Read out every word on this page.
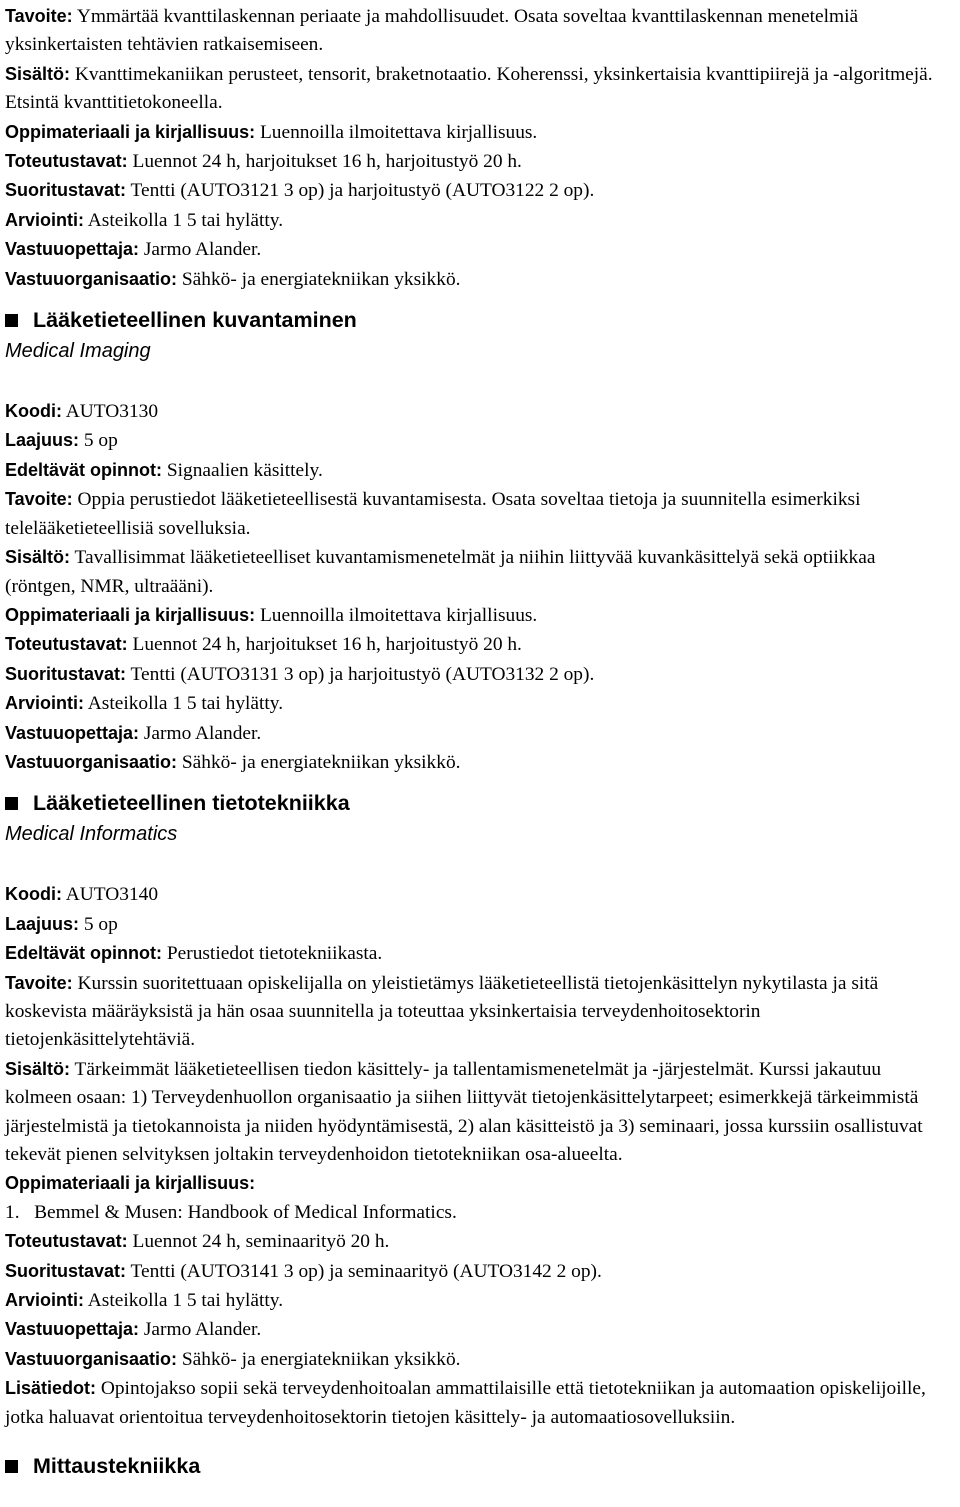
Tavoite: Ymmärtää kvanttilaskennan periaate ja mahdollisuudet. Osata soveltaa kvanttilaskennan menetelmiä yksinkertaisten tehtävien ratkaisemiseen.

Sisältö: Kvanttimekaniikan perusteet, tensorit, braketnotaatio. Koherenssi, yksinkertaisia kvanttipiirejä ja -algoritmejä. Etsintä kvanttitietokoneella.

Oppimateriaali ja kirjallisuus: Luennoilla ilmoitettava kirjallisuus.

Toteutustavat: Luennot 24 h, harjoitukset 16 h, harjoitustyö 20 h.

Suoritustavat: Tentti (AUTO3121 3 op) ja harjoitustyö (AUTO3122 2 op).

Arviointi: Asteikolla 1 5 tai hylätty.

Vastuuopettaja: Jarmo Alander.

Vastuuorganisaatio: Sähkö- ja energiatekniikan yksikkö.

Lääketieteellinen kuvantaminen
Medical Imaging

Koodi: AUTO3130

Laajuus: 5 op

Edeltävät opinnot: Signaalien käsittely.

Tavoite: Oppia perustiedot lääketieteellisestä kuvantamisesta. Osata soveltaa tietoja ja suunnitella esimerkiksi telelääketieteellisiä sovelluksia.

Sisältö: Tavallisimmat lääketieteelliset kuvantamismenetelmät ja niihin liittyvää kuvankäsittelyä sekä optiikkaa (röntgen, NMR, ultraääni).

Oppimateriaali ja kirjallisuus: Luennoilla ilmoitettava kirjallisuus.

Toteutustavat: Luennot 24 h, harjoitukset 16 h, harjoitustyö 20 h.

Suoritustavat: Tentti (AUTO3131 3 op) ja harjoitustyö (AUTO3132 2 op).

Arviointi: Asteikolla 1 5 tai hylätty.

Vastuuopettaja: Jarmo Alander.

Vastuuorganisaatio: Sähkö- ja energiatekniikan yksikkö.

Lääketieteellinen tietotekniikka
Medical Informatics

Koodi: AUTO3140

Laajuus: 5 op

Edeltävät opinnot: Perustiedot tietotekniikasta.

Tavoite: Kurssin suoritettuaan opiskelijalla on yleistietämys lääketieteellistä tietojenkäsittelyn nykytilasta ja sitä koskevista määräyksistä ja hän osaa suunnitella ja toteuttaa yksinkertaisia terveydenhoitosektorin tietojenkäsittelytehtäviä.

Sisältö: Tärkeimmät lääketieteellisen tiedon käsittely- ja tallentamismenetelmät ja -järjestelmät. Kurssi jakautuu kolmeen osaan: 1) Terveydenhuollon organisaatio ja siihen liittyvät tietojenkäsittelytarpeet; esimerkkejä tärkeimmistä järjestelmistä ja tietokannoista ja niiden hyödyntämisestä, 2) alan käsitteistö ja 3) seminaari, jossa kurssiin osallistuvat tekevät pienen selvityksen joltakin terveydenhoidon tietotekniikan osa-alueelta.

Oppimateriaali ja kirjallisuus:

1.   Bemmel & Musen: Handbook of Medical Informatics.

Toteutustavat: Luennot 24 h, seminaarityö 20 h.

Suoritustavat: Tentti (AUTO3141 3 op) ja seminaarityö (AUTO3142 2 op).

Arviointi: Asteikolla 1 5 tai hylätty.

Vastuuopettaja: Jarmo Alander.

Vastuuorganisaatio: Sähkö- ja energiatekniikan yksikkö.

Lisätiedot: Opintojakso sopii sekä terveydenhoitoalan ammattilaisille että tietotekniikan ja automaation opiskelijoille, jotka haluavat orientoitua terveydenhoitosektorin tietojen käsittely- ja automaatiosovelluksiin.

Mittaustekniikka
